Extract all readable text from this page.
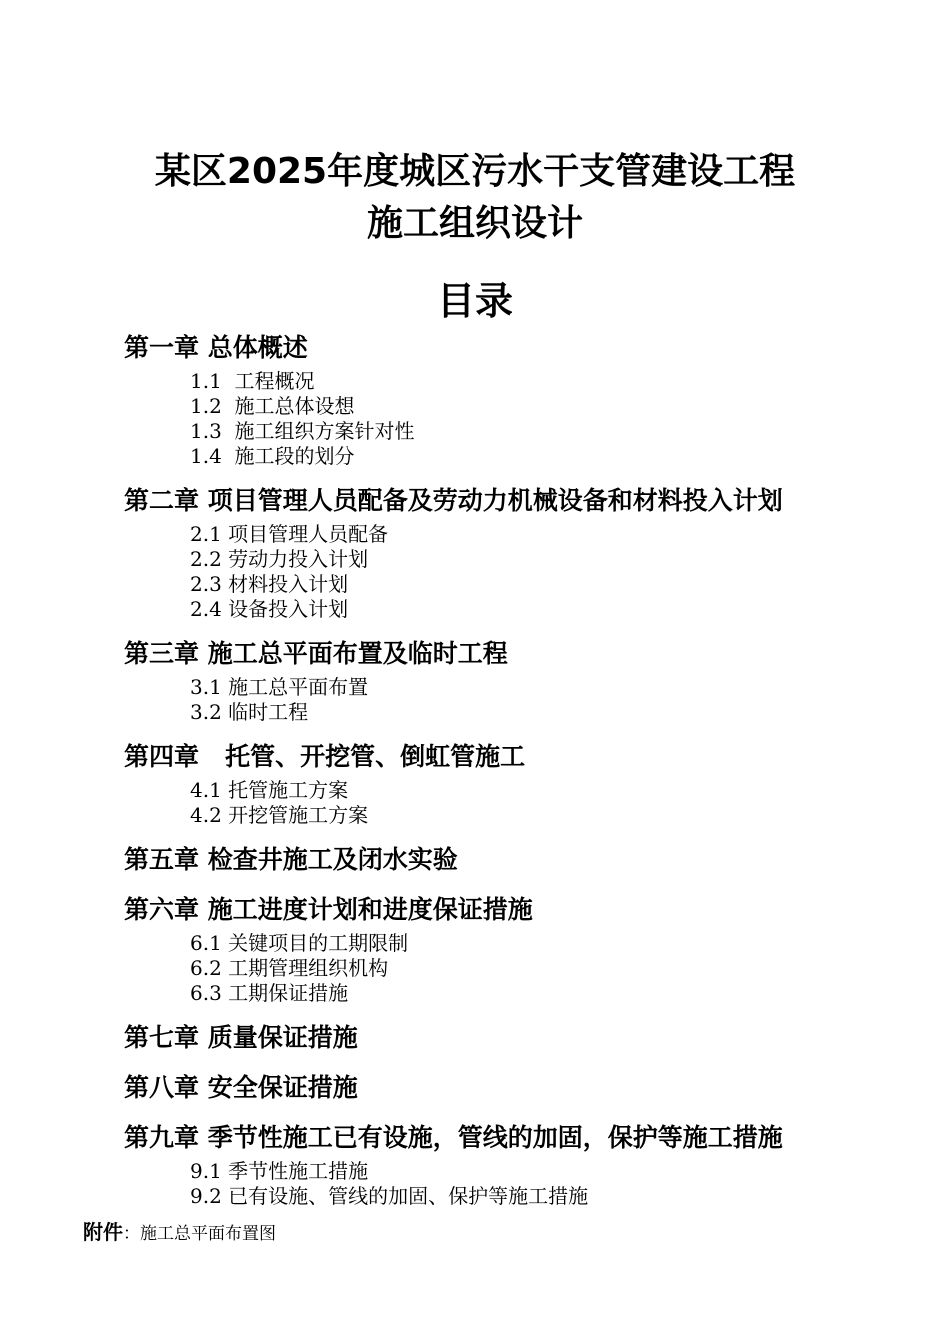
某区2025年度城区污水干支管建设工程
施工组织设计
目录
第一章 总体概述
1.1  工程概况
1.2  施工总体设想
1.3  施工组织方案针对性
1.4  施工段的划分
第二章 项目管理人员配备及劳动力机械设备和材料投入计划
2.1 项目管理人员配备
2.2 劳动力投入计划
2.3 材料投入计划
2.4 设备投入计划
第三章 施工总平面布置及临时工程
3.1 施工总平面布置
3.2 临时工程
第四章   托管、开挖管、倒虹管施工
4.1 托管施工方案
4.2 开挖管施工方案
第五章 检查井施工及闭水实验
第六章 施工进度计划和进度保证措施
6.1 关键项目的工期限制
6.2 工期管理组织机构
6.3 工期保证措施
第七章 质量保证措施
第八章 安全保证措施
第九章 季节性施工已有设施，管线的加固，保护等施工措施
9.1 季节性施工措施
9.2 已有设施、管线的加固、保护等施工措施
附件：施工总平面布置图
